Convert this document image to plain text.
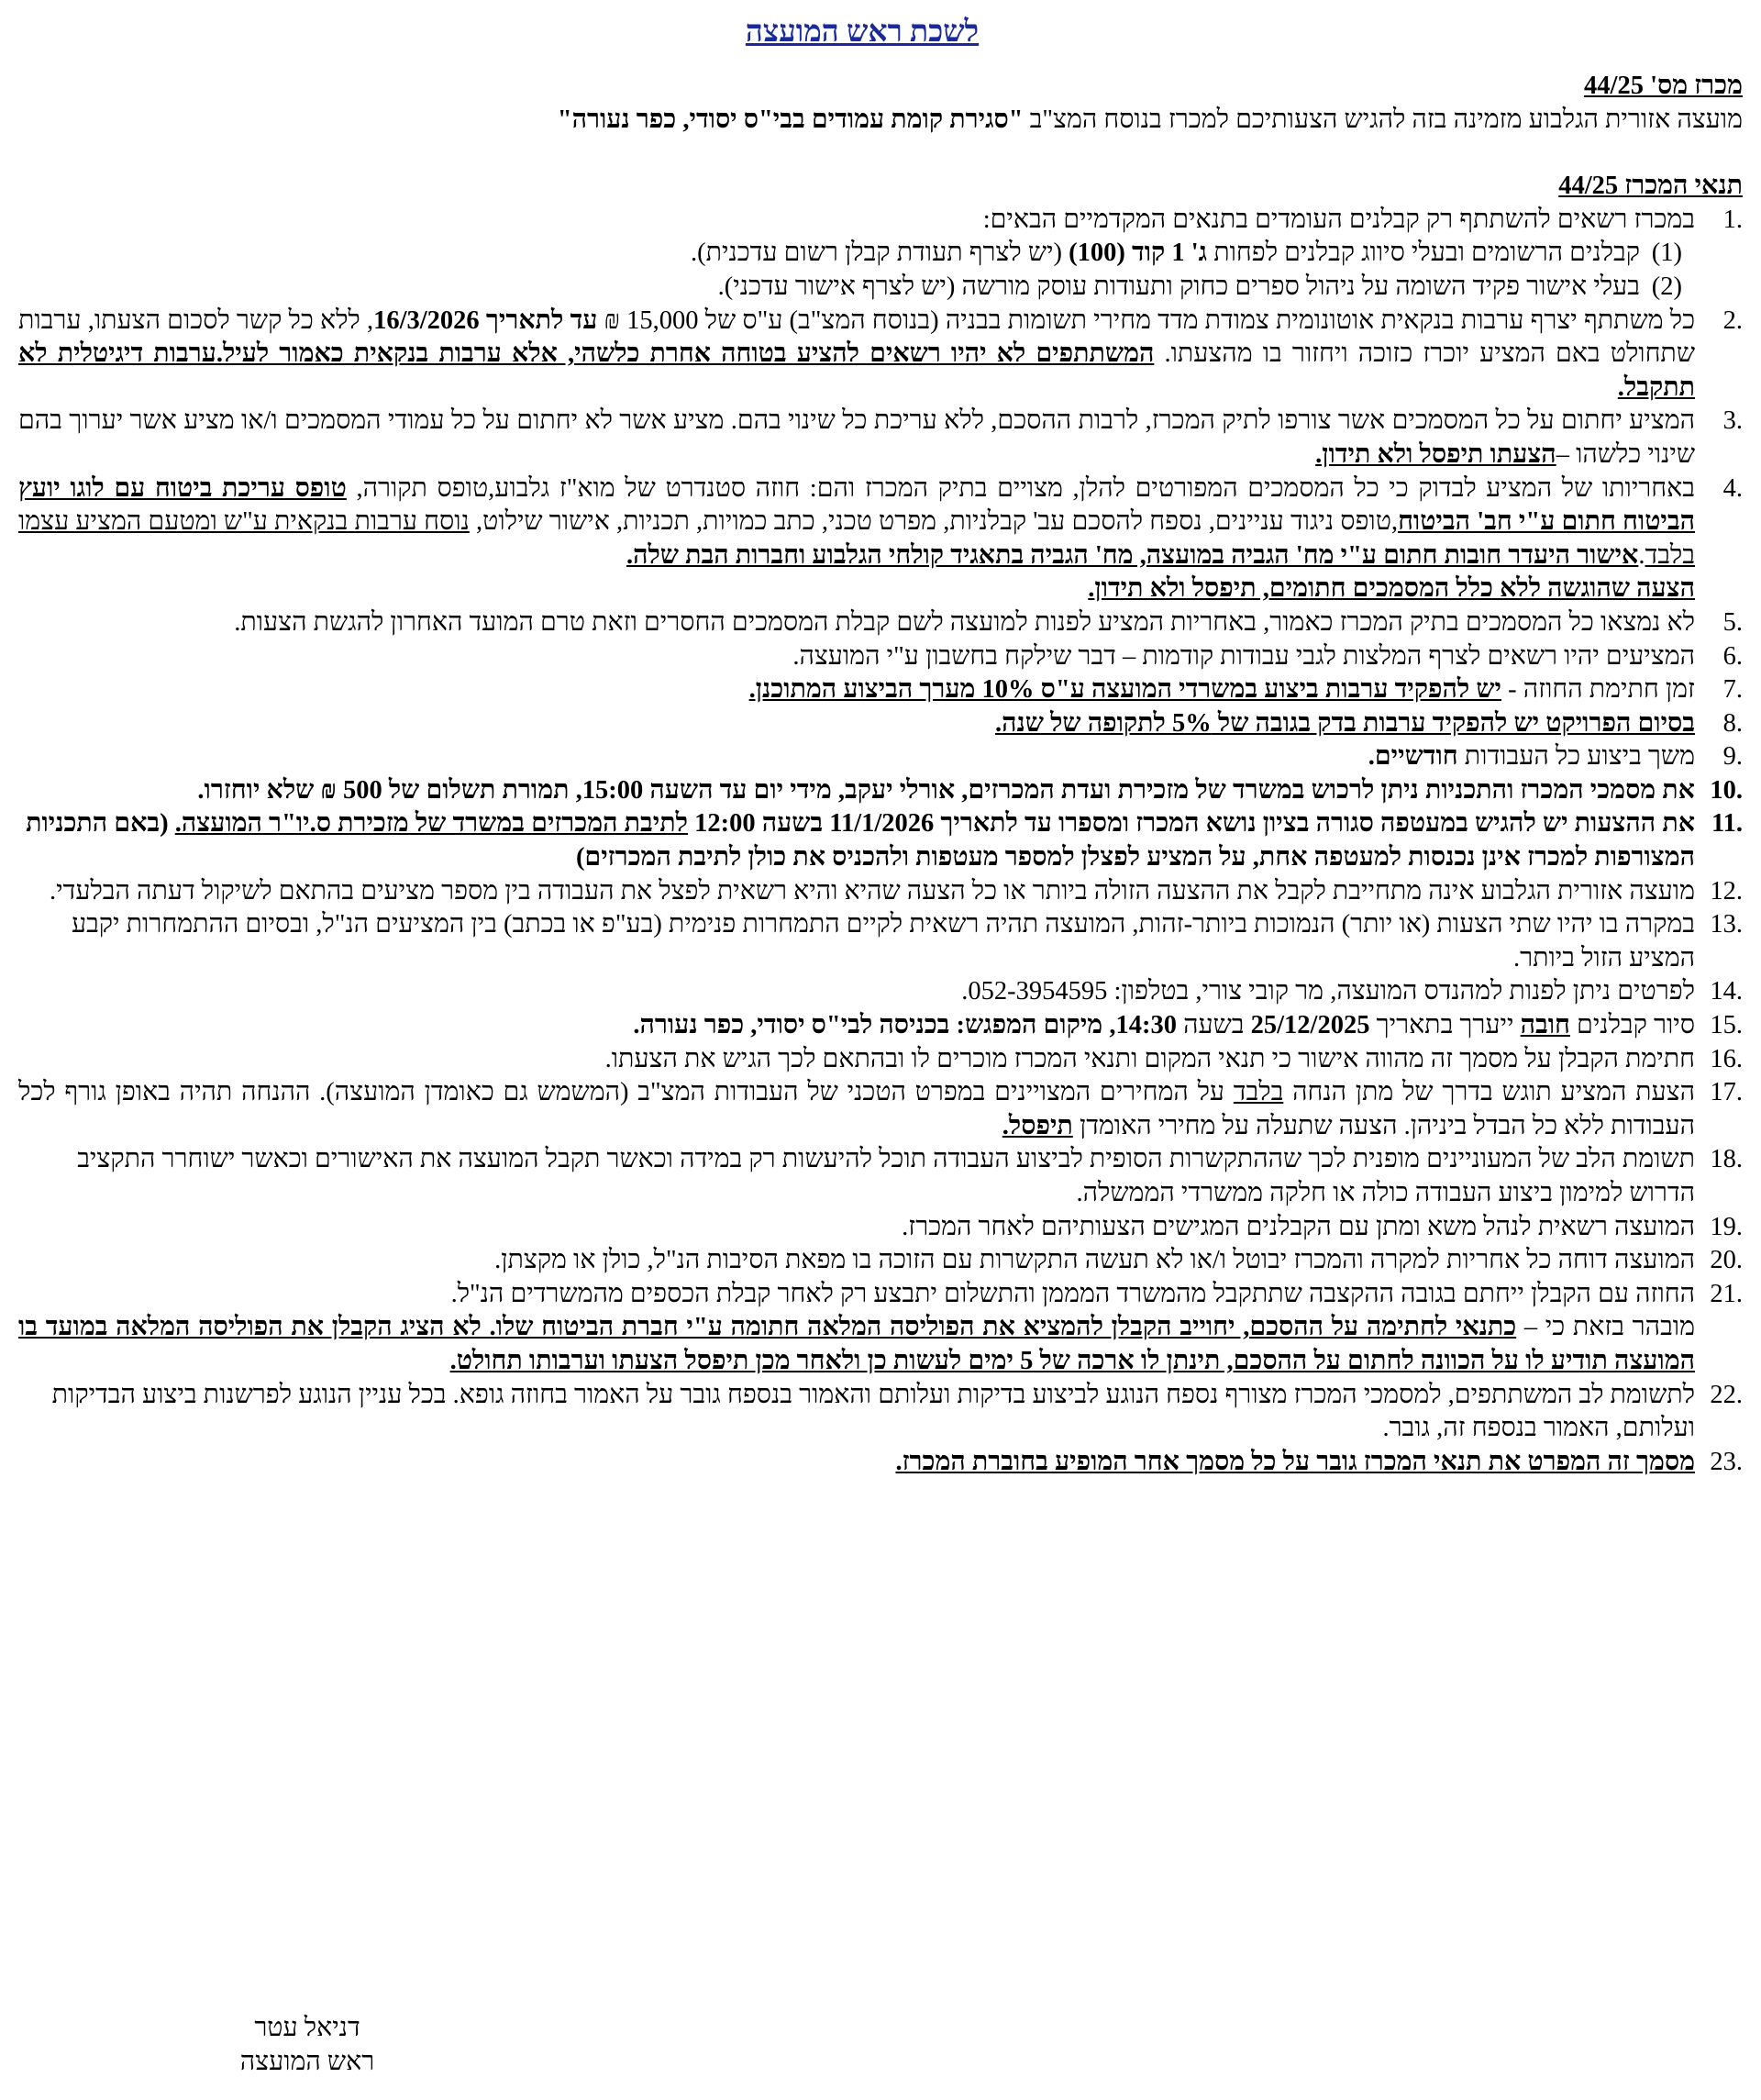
לשכת ראש המועצה
מכרז מס' 44/25
מועצה אזורית הגלבוע מזמינה בזה להגיש הצעותיכם למכרז בנוסח המצ"ב "סגירת קומת עמודים בבי"ס יסודי, כפר נעורה"
תנאי המכרז 44/25
1.
במכרז רשאים להשתתף רק קבלנים העומדים בתנאים המקדמיים הבאים:
(1)
קבלנים הרשומים ובעלי סיווג קבלנים לפחות ג' 1 קוד (100) (יש לצרף תעודת קבלן רשום עדכנית).
(2)
בעלי אישור פקיד השומה על ניהול ספרים כחוק ותעודות עוסק מורשה (יש לצרף אישור עדכני).
2.
כל משתתף יצרף ערבות בנקאית אוטונומית צמודת מדד מחירי תשומות בבניה (בנוסח המצ"ב) ע"ס של 15,000 ₪ עד לתאריך 16/3/2026, ללא כל קשר לסכום הצעתו, ערבות שתחולט באם המציע יוכרז כזוכה ויחזור בו מהצעתו. המשתתפים לא יהיו רשאים להציע בטוחה אחרת כלשהי, אלא ערבות בנקאית כאמור לעיל.ערבות דיגיטלית לא תתקבל.
3.
המציע יחתום על כל המסמכים אשר צורפו לתיק המכרז, לרבות ההסכם, ללא עריכת כל שינוי בהם. מציע אשר לא יחתום על כל עמודי המסמכים ו/או מציע אשר יערוך בהם שינוי כלשהו –הצעתו תיפסל ולא תידון.
4.
באחריותו של המציע לבדוק כי כל המסמכים המפורטים להלן, מצויים בתיק המכרז והם: חוזה סטנדרט של מוא"ז גלבוע,טופס תקורה, טופס עריכת ביטוח עם לוגו יועץ הביטוח חתום ע"י חב' הביטוח,טופס ניגוד עניינים, נספח להסכם עב' קבלניות, מפרט טכני, כתב כמויות, תכניות, אישור שילוט, נוסח ערבות בנקאית ע"ש ומטעם המציע עצמו בלבד.אישור היעדר חובות חתום ע"י מח' הגביה במועצה, מח' הגביה בתאגיד קולחי הגלבוע וחברות הבת שלה.
הצעה שהוגשה ללא כלל המסמכים חתומים, תיפסל ולא תידון.
5.
לא נמצאו כל המסמכים בתיק המכרז כאמור, באחריות המציע לפנות למועצה לשם קבלת המסמכים החסרים וזאת טרם המועד האחרון להגשת הצעות.
6.
המציעים יהיו רשאים לצרף המלצות לגבי עבודות קודמות – דבר שילקח בחשבון ע"י המועצה.
7.
זמן חתימת החוזה - יש להפקיד ערבות ביצוע במשרדי המועצה ע"ס 10% מערך הביצוע המתוכנן.
8.
בסיום הפרויקט יש להפקיד ערבות בדק בגובה של 5% לתקופה של שנה.
9.
משך ביצוע כל העבודות חודשיים.
10.
את מסמכי המכרז והתכניות ניתן לרכוש במשרד של מזכירת ועדת המכרזים, אורלי יעקב, מידי יום עד השעה 15:00, תמורת תשלום של 500 ₪ שלא יוחזרו.
11.
את ההצעות יש להגיש במעטפה סגורה בציון נושא המכרז ומספרו עד לתאריך 11/1/2026 בשעה 12:00 לתיבת המכרזים במשרד של מזכירת ס.יו"ר המועצה. (באם התכניות המצורפות למכרז אינן נכנסות למעטפה אחת, על המציע לפצלן למספר מעטפות ולהכניס את כולן לתיבת המכרזים)
12.
מועצה אזורית הגלבוע אינה מתחייבת לקבל את ההצעה הזולה ביותר או כל הצעה שהיא והיא רשאית לפצל את העבודה בין מספר מציעים בהתאם לשיקול דעתה הבלעדי.
13.
במקרה בו יהיו שתי הצעות (או יותר) הנמוכות ביותר-זהות, המועצה תהיה רשאית לקיים התמחרות פנימית (בע"פ או בכתב) בין המציעים הנ"ל, ובסיום ההתמחרות יקבע המציע הזול ביותר.
14.
לפרטים ניתן לפנות למהנדס המועצה, מר קובי צורי, בטלפון: 052-3954595.
15.
סיור קבלנים חובה ייערך בתאריך 25/12/2025 בשעה 14:30, מיקום המפגש: בכניסה לבי"ס יסודי, כפר נעורה.
16.
חתימת הקבלן על מסמך זה מהווה אישור כי תנאי המקום ותנאי המכרז מוכרים לו ובהתאם לכך הגיש את הצעתו.
17.
הצעת המציע תוגש בדרך של מתן הנחה בלבד על המחירים המצויינים במפרט הטכני של העבודות המצ"ב (המשמש גם כאומדן המועצה). ההנחה תהיה באופן גורף לכל העבודות ללא כל הבדל ביניהן. הצעה שתעלה על מחירי האומדן תיפסל.
18.
תשומת הלב של המעוניינים מופנית לכך שההתקשרות הסופית לביצוע העבודה תוכל להיעשות רק במידה וכאשר תקבל המועצה את האישורים וכאשר ישוחרר התקציב הדרוש למימון ביצוע העבודה כולה או חלקה ממשרדי הממשלה.
19.
המועצה רשאית לנהל משא ומתן עם הקבלנים המגישים הצעותיהם לאחר המכרז.
20.
המועצה דוחה כל אחריות למקרה והמכרז יבוטל ו/או לא תעשה התקשרות עם הזוכה בו מפאת הסיבות הנ"ל, כולן או מקצתן.
21.
החוזה עם הקבלן ייחתם בגובה ההקצבה שתתקבל מהמשרד המממן והתשלום יתבצע רק לאחר קבלת הכספים מהמשרדים הנ"ל.
מובהר בזאת כי – כתנאי לחתימה על ההסכם, יחוייב הקבלן להמציא את הפוליסה המלאה חתומה ע"י חברת הביטוח שלו. לא הציג הקבלן את הפוליסה המלאה במועד בו המועצה תודיע לו על הכוונה לחתום על ההסכם, תינתן לו ארכה של 5 ימים לעשות כן ולאחר מכן תיפסל הצעתו וערבותו תחולט.
22.
לתשומת לב המשתתפים, למסמכי המכרז מצורף נספח הנוגע לביצוע בדיקות ועלותם והאמור בנספח גובר על האמור בחוזה גופא. בכל עניין הנוגע לפרשנות ביצוע הבדיקות ועלותם, האמור בנספח זה, גובר.
23.
מסמך זה המפרט את תנאי המכרז גובר על כל מסמך אחר המופיע בחוברת המכרז.
דניאל עטר
ראש המועצה
